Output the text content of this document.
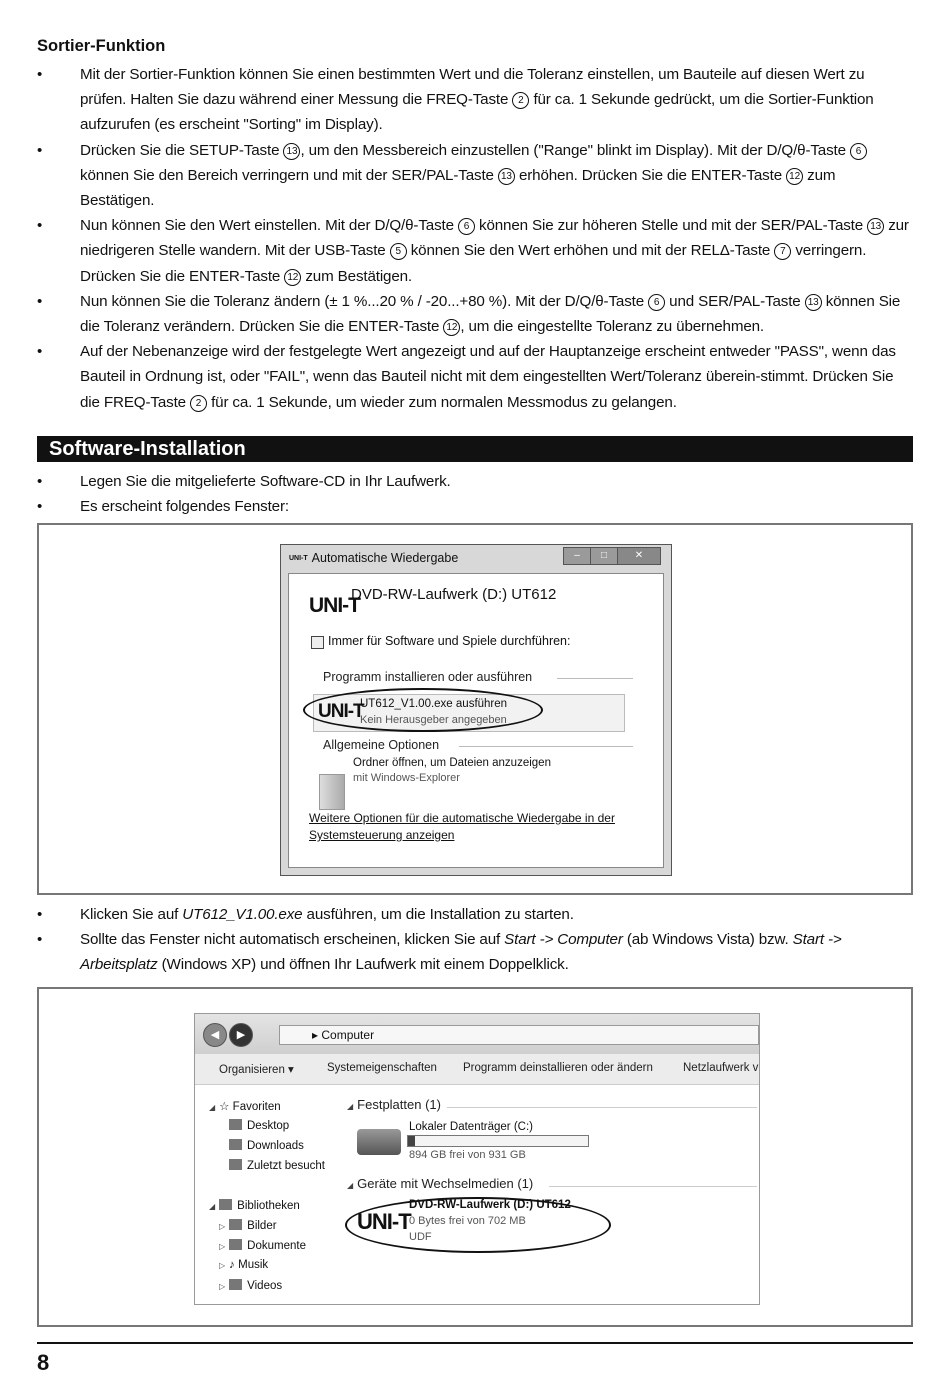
Sortier-Funktion
• Mit der Sortier-Funktion können Sie einen bestimmten Wert und die Toleranz einstellen, um Bauteile auf diesen Wert zu prüfen. Halten Sie dazu während einer Messung die FREQ-Taste 2 für ca. 1 Sekunde gedrückt, um die Sortier-Funktion aufzurufen (es erscheint "Sorting" im Display).
• Drücken Sie die SETUP-Taste 13 , um den Messbereich einzustellen ("Range" blinkt im Display). Mit der D/Q/θ-Taste 6 können Sie den Bereich verringern und mit der SER/PAL-Taste 13 erhöhen. Drücken Sie die ENTER-Taste 12 zum Bestätigen.
• Nun können Sie den Wert einstellen. Mit der D/Q/θ-Taste 6 können Sie zur höheren Stelle und mit der SER/PAL-Taste 13 zur niedrigeren Stelle wandern. Mit der USB-Taste 5 können Sie den Wert erhöhen und mit der RELΔ-Taste 7 verringern. Drücken Sie die ENTER-Taste 12 zum Bestätigen.
• Nun können Sie die Toleranz ändern (± 1 %...20 % / -20...+80 %). Mit der D/Q/θ-Taste 6 und SER/PAL-Taste 13 können Sie die Toleranz verändern. Drücken Sie die ENTER-Taste 12 , um die eingestellte Toleranz zu übernehmen.
• Auf der Nebenanzeige wird der festgelegte Wert angezeigt und auf der Hauptanzeige erscheint entweder "PASS", wenn das Bauteil in Ordnung ist, oder "FAIL", wenn das Bauteil nicht mit dem eingestellten Wert/Toleranz überein-stimmt. Drücken Sie die FREQ-Taste 2 für ca. 1 Sekunde, um wieder zum normalen Messmodus zu gelangen.
Software-Installation
• Legen Sie die mitgelieferte Software-CD in Ihr Laufwerk.
• Es erscheint folgendes Fenster:
UNI-T Automatische Wiedergabe	–	□	✕
UNI-T
DVD-RW-Laufwerk (D:) UT612
Immer für Software und Spiele durchführen:
Programm installieren oder ausführen
UNI-T
UT612_V1.00.exe ausführen
Kein Herausgeber angegeben
Allgemeine Optionen
Ordner öffnen, um Dateien anzuzeigen
mit Windows-Explorer
Weitere Optionen für die automatische Wiedergabe in der Systemsteuerung anzeigen
• Klicken Sie auf UT612_V1.00.exe ausführen, um die Installation zu starten.
• Sollte das Fenster nicht automatisch erscheinen, klicken Sie auf Start -> Computer (ab Windows Vista) bzw. Start -> Arbeitsplatz (Windows XP) und öffnen Ihr Laufwerk mit einem Doppelklick.
◀	▶	▸ Computer
Organisieren ▾	Systemeigenschaften Programm deinstallieren oder ändern	Netzlaufwerk v
◢ ☆ Favoriten
Desktop
Downloads
Zuletzt besucht
◢ Bibliotheken
▷ Bilder
▷ Dokumente
▷ ♪ Musik
▷ Videos
◢ Festplatten (1)
Lokaler Datenträger (C:)
894 GB frei von 931 GB
◢ Geräte mit Wechselmedien (1)
UNI-T
DVD-RW-Laufwerk (D:) UT612
0 Bytes frei von 702 MB
UDF
8
